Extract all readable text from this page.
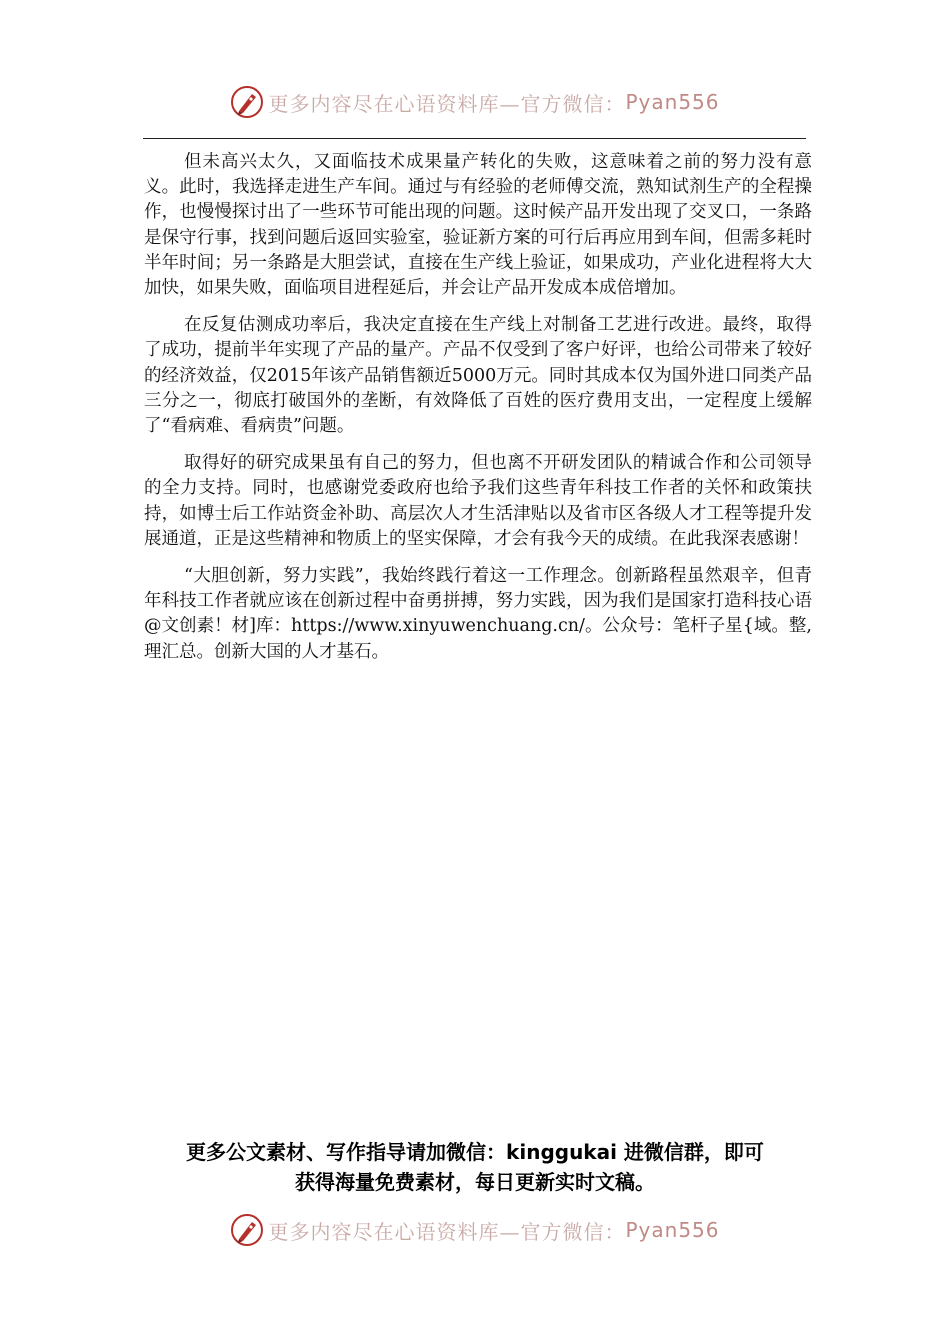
更多内容尽在心语资料库—官方微信： Pyan556

但未高兴太久，又面临技术成果量产转化的失败，这意味着之前的努力没有意义。此时，我选择走进生产车间。通过与有经验的老师傅交流，熟知试剂生产的全程操作，也慢慢探讨出了一些环节可能出现的问题。这时候产品开发出现了交叉口，一条路是保守行事，找到问题后返回实验室，验证新方案的可行后再应用到车间，但需多耗时半年时间；另一条路是大胆尝试，直接在生产线上验证，如果成功，产业化进程将大大加快，如果失败，面临项目进程延后，并会让产品开发成本成倍增加。

在反复估测成功率后，我决定直接在生产线上对制备工艺进行改进。最终，取得了成功，提前半年实现了产品的量产。产品不仅受到了客户好评，也给公司带来了较好的经济效益，仅2015年该产品销售额近5000万元。同时其成本仅为国外进口同类产品三分之一，彻底打破国外的垄断，有效降低了百姓的医疗费用支出，一定程度上缓解了“看病难、看病贵”问题。

取得好的研究成果虽有自己的努力，但也离不开研发团队的精诚合作和公司领导的全力支持。同时，也感谢党委政府也给予我们这些青年科技工作者的关怀和政策扶持，如博士后工作站资金补助、高层次人才生活津贴以及省市区各级人才工程等提升发展通道，正是这些精神和物质上的坚实保障，才会有我今天的成绩。在此我深表感谢！

“大胆创新，努力实践”，我始终践行着这一工作理念。创新路程虽然艰辛，但青年科技工作者就应该在创新过程中奋勇拼搏，努力实践，因为我们是国家打造科技心语@文创素！材]库：https://www.xinyuwenchuang.cn/。公众号：笔杆子星{域。整,理汇总。创新大国的人才基石。

更多公文素材、写作指导请加微信：kinggukai 进微信群，即可
获得海量免费素材，每日更新实时文稿。
更多内容尽在心语资料库—官方微信： Pyan556
